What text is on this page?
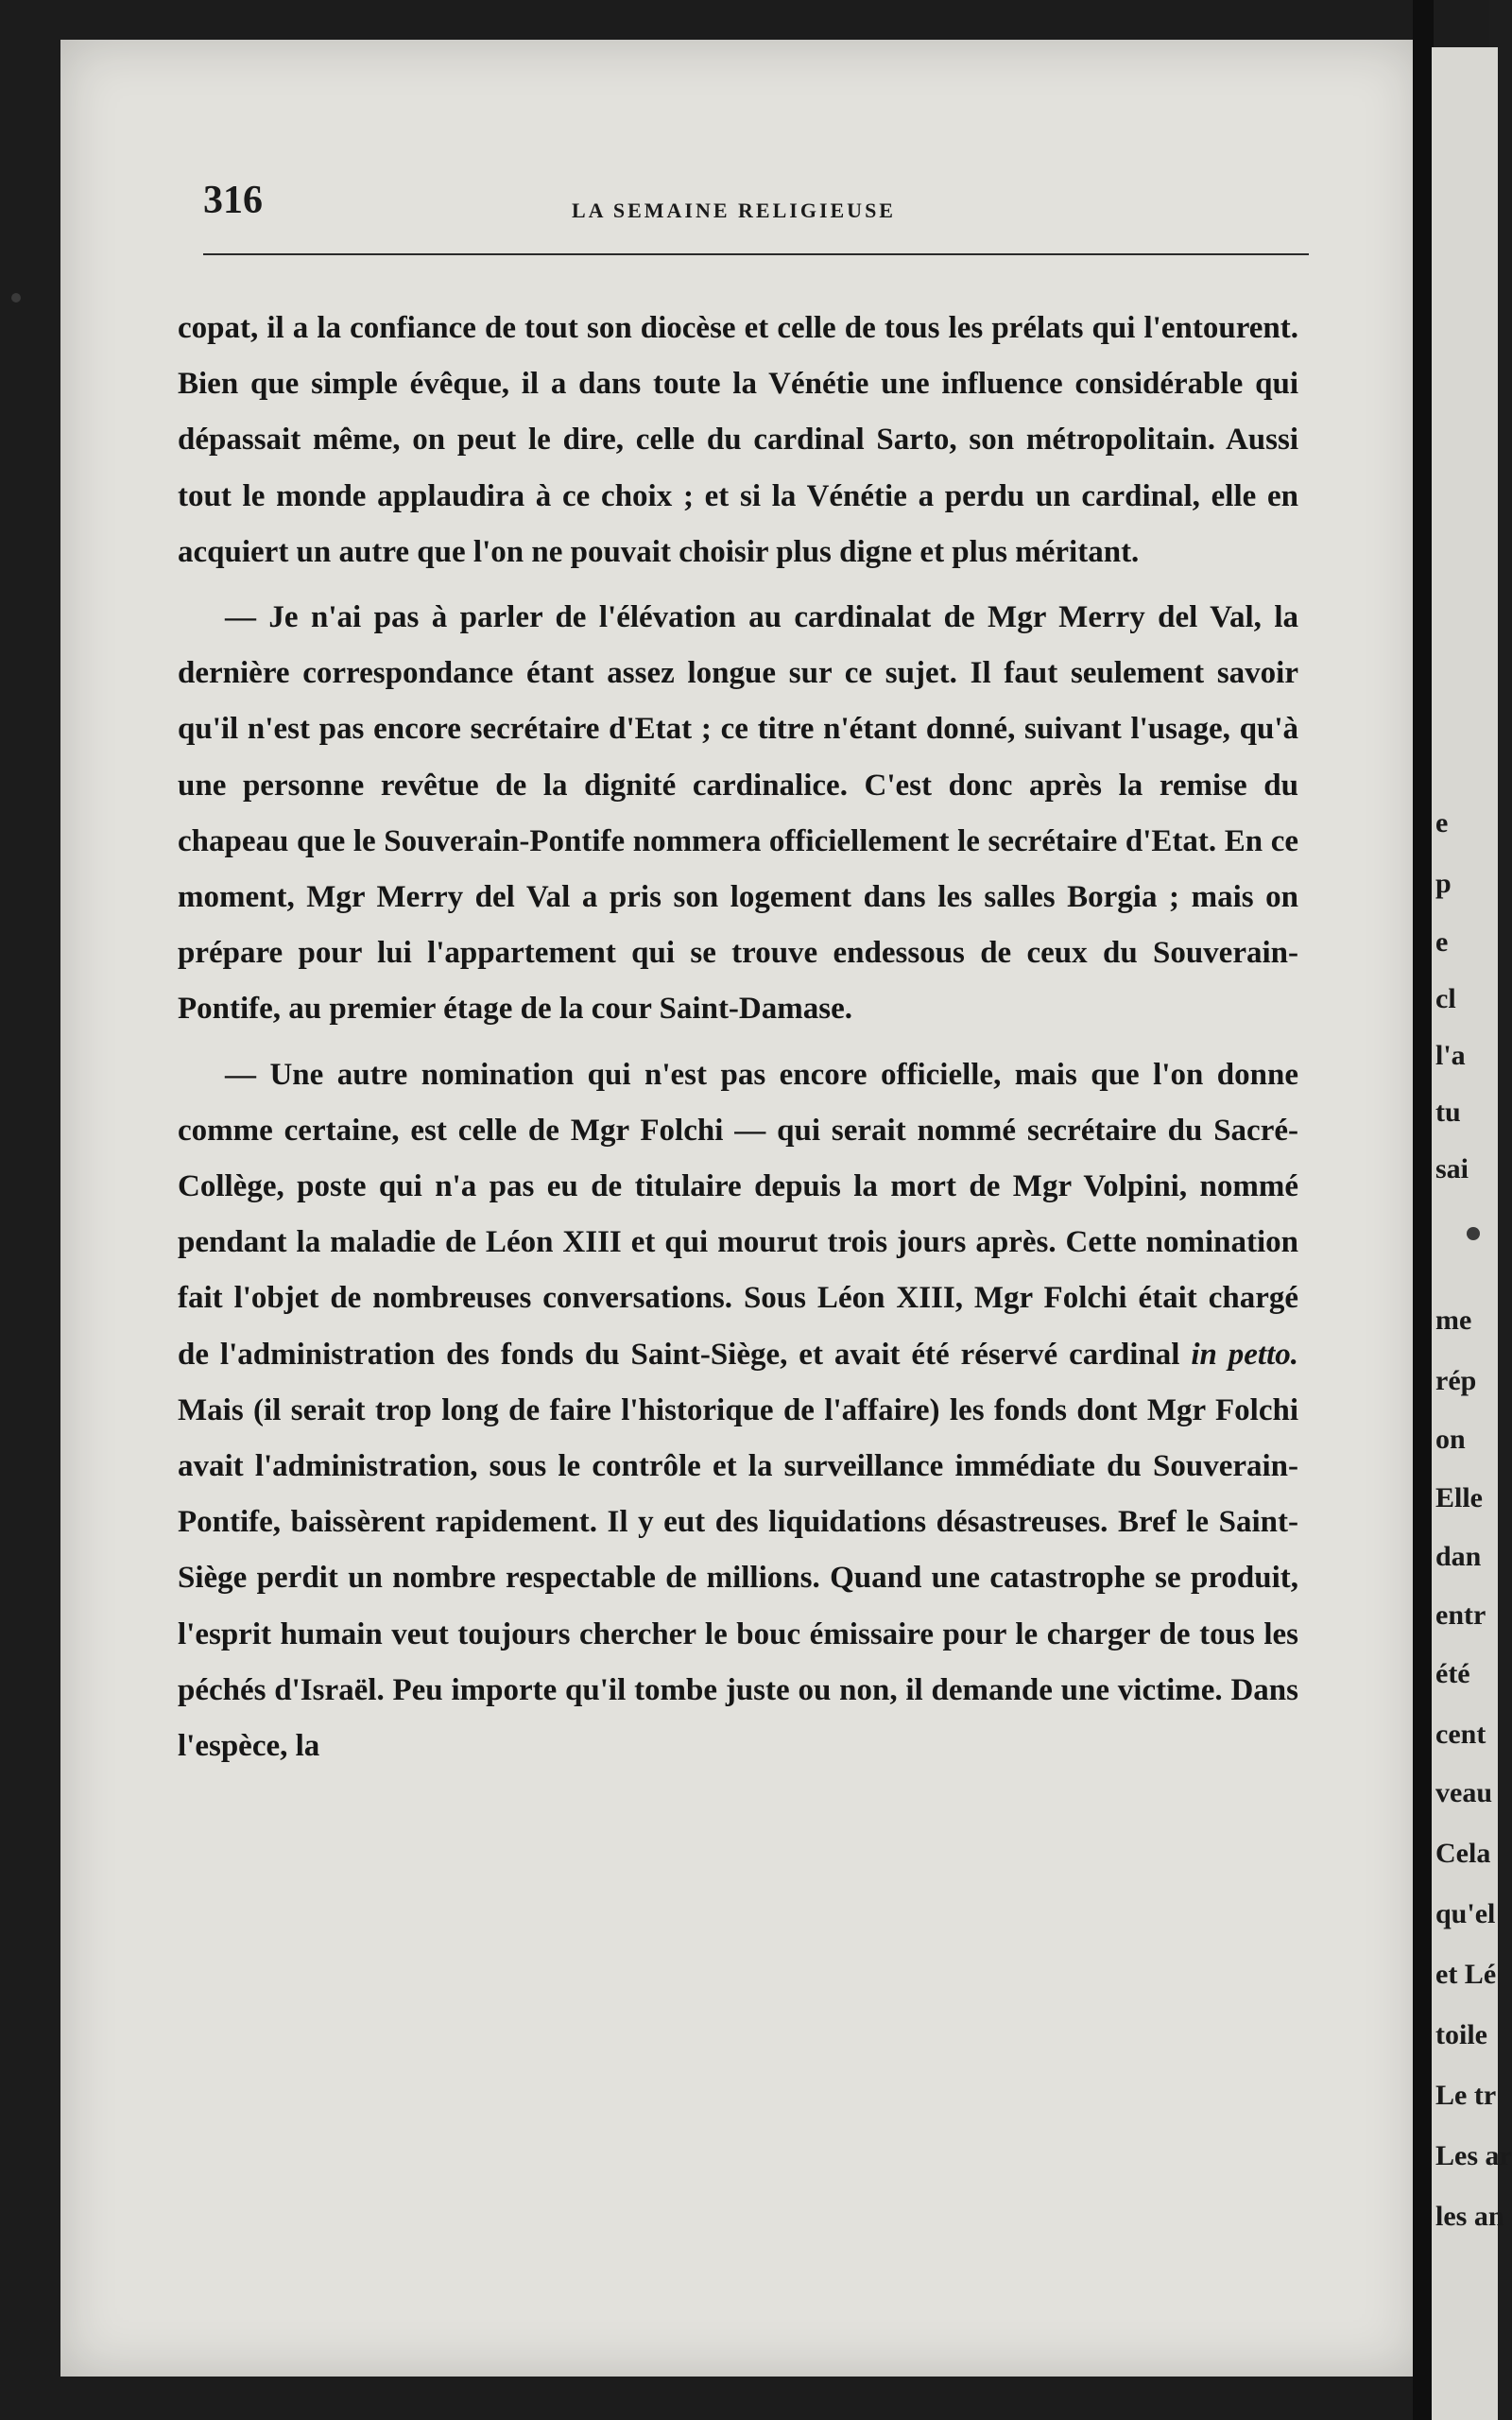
316	LA SEMAINE RELIGIEUSE

copat, il a la confiance de tout son diocèse et celle de tous les prélats qui l'entourent. Bien que simple évêque, il a dans toute la Vénétie une influence considérable qui dépassait même, on peut le dire, celle du cardinal Sarto, son métropolitain. Aussi tout le monde applaudira à ce choix ; et si la Vénétie a perdu un cardinal, elle en acquiert un autre que l'on ne pouvait choisir plus digne et plus méritant.

— Je n'ai pas à parler de l'élévation au cardinalat de Mgr Merry del Val, la dernière correspondance étant assez longue sur ce sujet. Il faut seulement savoir qu'il n'est pas encore secrétaire d'Etat ; ce titre n'étant donné, suivant l'usage, qu'à une personne revêtue de la dignité cardinalice. C'est donc après la remise du chapeau que le Souverain-Pontife nommera officiellement le secrétaire d'Etat. En ce moment, Mgr Merry del Val a pris son logement dans les salles Borgia ; mais on prépare pour lui l'appartement qui se trouve endessous de ceux du Souverain-Pontife, au premier étage de la cour Saint-Damase.

— Une autre nomination qui n'est pas encore officielle, mais que l'on donne comme certaine, est celle de Mgr Folchi — qui serait nommé secrétaire du Sacré-Collège, poste qui n'a pas eu de titulaire depuis la mort de Mgr Volpini, nommé pendant la maladie de Léon XIII et qui mourut trois jours après. Cette nomination fait l'objet de nombreuses conversations. Sous Léon XIII, Mgr Folchi était chargé de l'administration des fonds du Saint-Siège, et avait été réservé cardinal in petto. Mais (il serait trop long de faire l'historique de l'affaire) les fonds dont Mgr Folchi avait l'administration, sous le contrôle et la surveillance immédiate du Souverain-Pontife, baissèrent rapidement. Il y eut des liquidations désastreuses. Bref le Saint-Siège perdit un nombre respectable de millions. Quand une catastrophe se produit, l'esprit humain veut toujours chercher le bouc émissaire pour le charger de tous les péchés d'Israël. Peu importe qu'il tombe juste ou non, il demande une victime. Dans l'espèce, la

e
p
e
cl
l'a
tu
sai
me
rép
on
Elle
dan
entr
été
cent
veau
Cela
qu'el
et Lé
toile
Le tr
Les ar
les an
